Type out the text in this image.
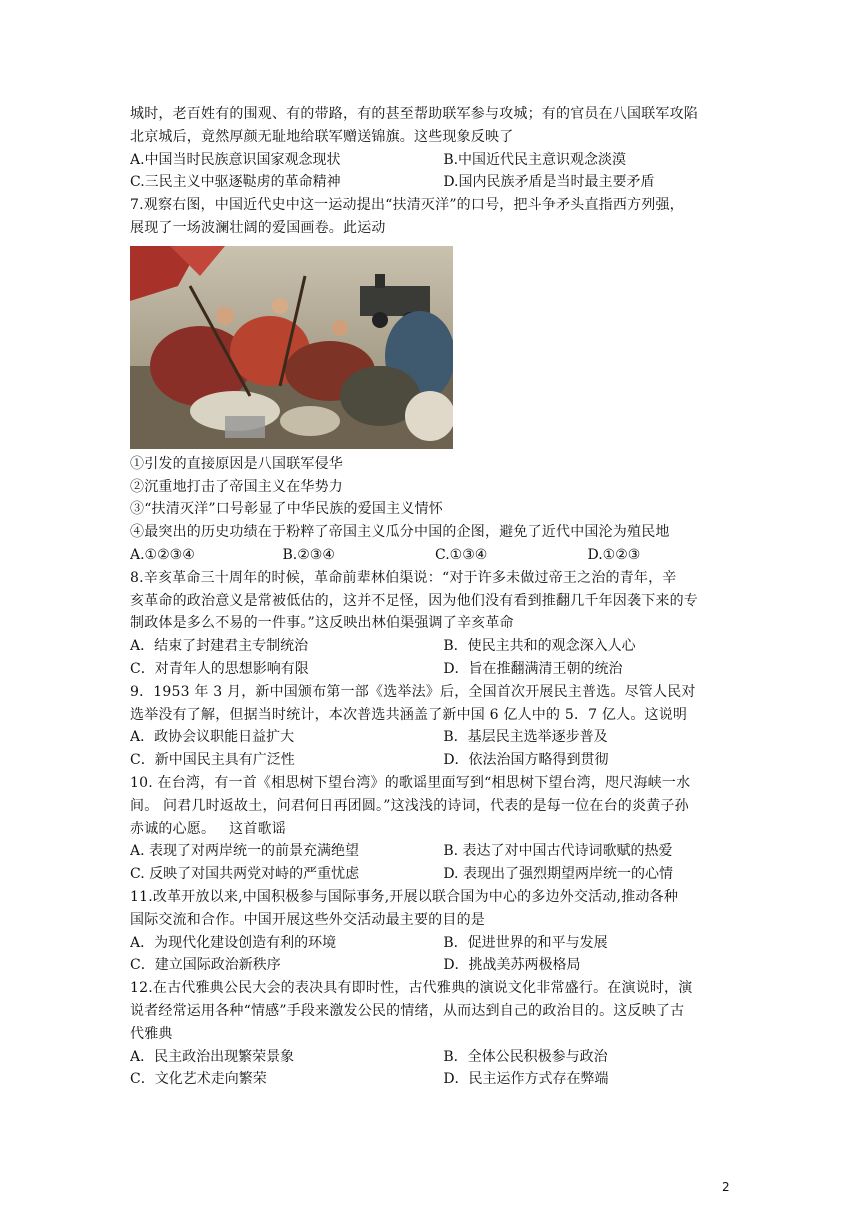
城时，老百姓有的围观、有的带路，有的甚至帮助联军参与攻城；有的官员在八国联军攻陷
北京城后，竟然厚颜无耻地给联军赠送锦旗。这些现象反映了
A.中国当时民族意识国家观念现状	B.中国近代民主意识观念淡漠
C.三民主义中驱逐鞑虏的革命精神	D.国内民族矛盾是当时最主要矛盾
7.观察右图，中国近代史中这一运动提出“扶清灭洋”的口号，把斗争矛头直指西方列强，
展现了一场波澜壮阔的爱国画卷。此运动
①引发的直接原因是八国联军侵华
②沉重地打击了帝国主义在华势力
③“扶清灭洋”口号彰显了中华民族的爱国主义情怀
④最突出的历史功绩在于粉粹了帝国主义瓜分中国的企图，避免了近代中国沦为殖民地
A.①②③④	B.②③④	C.①③④	D.①②③
8.辛亥革命三十周年的时候，革命前辈林伯渠说：“对于许多未做过帝王之治的青年，辛
亥革命的政治意义是常被低估的，这并不足怪，因为他们没有看到推翻几千年因袭下来的专
制政体是多么不易的一件事。”这反映出林伯渠强调了辛亥革命
A．结束了封建君主专制统治	B．使民主共和的观念深入人心
C．对青年人的思想影响有限	D．旨在推翻满清王朝的统治
9．1953 年 3 月，新中国颁布第一部《选举法》后，全国首次开展民主普选。尽管人民对
选举没有了解，但据当时统计，本次普选共涵盖了新中国 6 亿人中的 5．7 亿人。这说明
A．政协会议职能日益扩大	B．基层民主选举逐步普及
C．新中国民主具有广泛性	D．依法治国方略得到贯彻
10. 在台湾，有一首《相思树下望台湾》的歌谣里面写到“相思树下望台湾，咫尺海峡一水
间。 问君几时返故土，问君何日再团圆。”这浅浅的诗词，代表的是每一位在台的炎黄子孙
赤诚的心愿。   这首歌谣
A. 表现了对两岸统一的前景充满绝望	B. 表达了对中国古代诗词歌赋的热爱
C. 反映了对国共两党对峙的严重忧虑	D. 表现出了强烈期望两岸统一的心情
11.改革开放以来,中国积极参与国际事务,开展以联合国为中心的多边外交活动,推动各种
国际交流和合作。中国开展这些外交活动最主要的目的是
A．为现代化建设创造有利的环境	B．促进世界的和平与发展
C．建立国际政治新秩序	D．挑战美苏两极格局
12.在古代雅典公民大会的表决具有即时性，古代雅典的演说文化非常盛行。在演说时，演
说者经常运用各种“情感”手段来激发公民的情绪，从而达到自己的政治目的。这反映了古
代雅典
A．民主政治出现繁荣景象	B．全体公民积极参与政治
C．文化艺术走向繁荣	D．民主运作方式存在弊端
2
